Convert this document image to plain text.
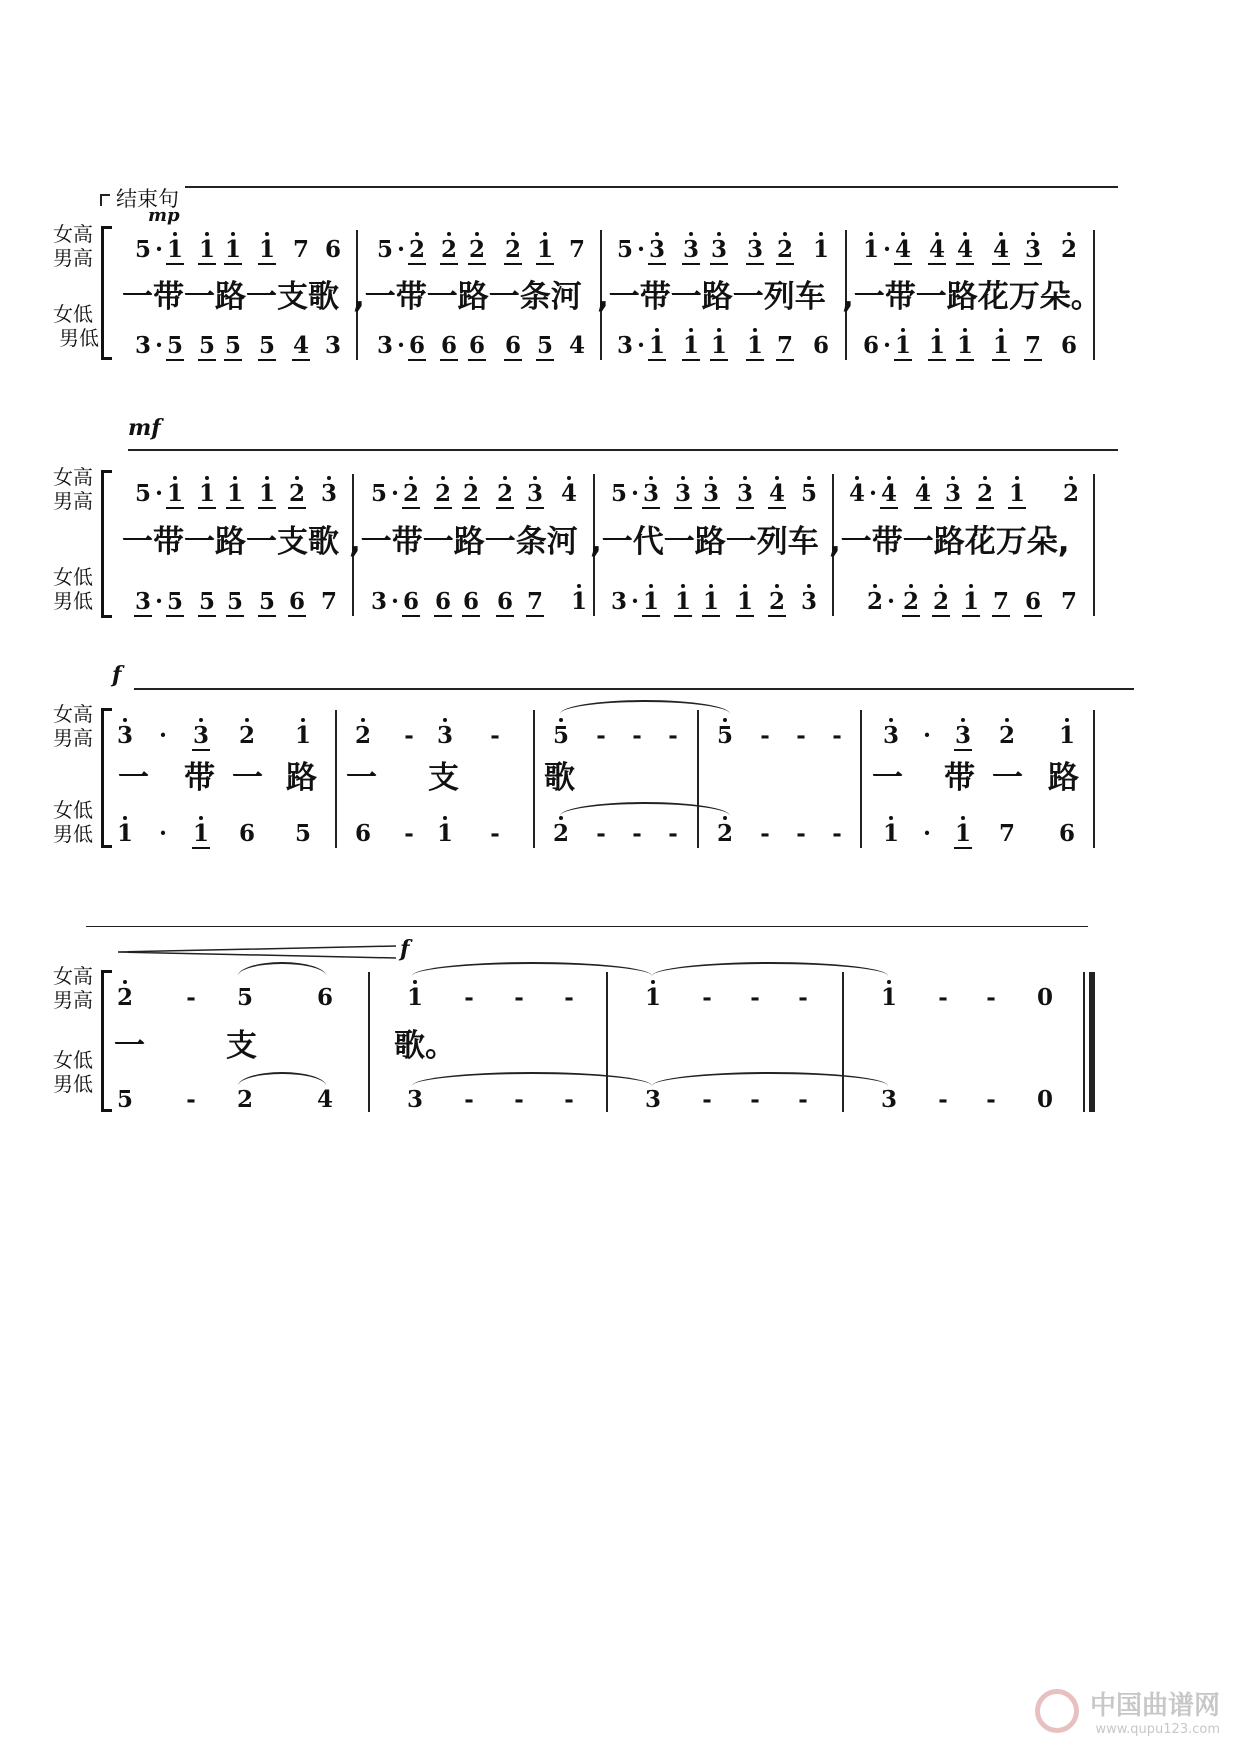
结束句
女高
男高
女低
男低
mp
5 · 1 1 1 1 7 6 5 · 2 2 2 2 1 7 5 · 3 3 3 3 2 1 1 · 4 4 4 4 3 2
一带一路一支歌 ,一带一路一条河 ,一带一路一列车 ,一带一路花万朵。
3 · 5 5 5 5 4 3 3 · 6 6 6 6 5 4 3 · 1 1 1 1 7 6 6 · 1 1 1 1 7 6
mf
女高
男高
女低
男低
5 · 1 1 1 1 2 3 5 · 2 2 2 2 3 4 5 · 3 3 3 3 4 5 4 · 4 4 3 2 1 2
一带一路一支歌 ,一带一路一条河 ,一代一路一列车 ,一带一路花万朵,
3 · 5 5 5 5 6 7 3 · 6 6 6 6 7 1 3 · 1 1 1 1 2 3 2 · 2 2 1 7 6 7
f
女高
男高
女低
男低
3	·	3 2 1 2 - 3 - 5 - - - 5 - - - 3	·	3 2 1
一 带 一 路 一 支	歌	一 带 一 路
1	·	1 6 5 6 - 1 - 2 - - - 2 - - - 1	·	1 7 6
f
女高
男高
女低
男低
2 - 5	6	1 - - -	1 - - -	1 - - 0
一	支	歌。
5 - 2	4	3 - - -	3 - - -	3 - - 0

中国曲谱网
www.qupu123.com
